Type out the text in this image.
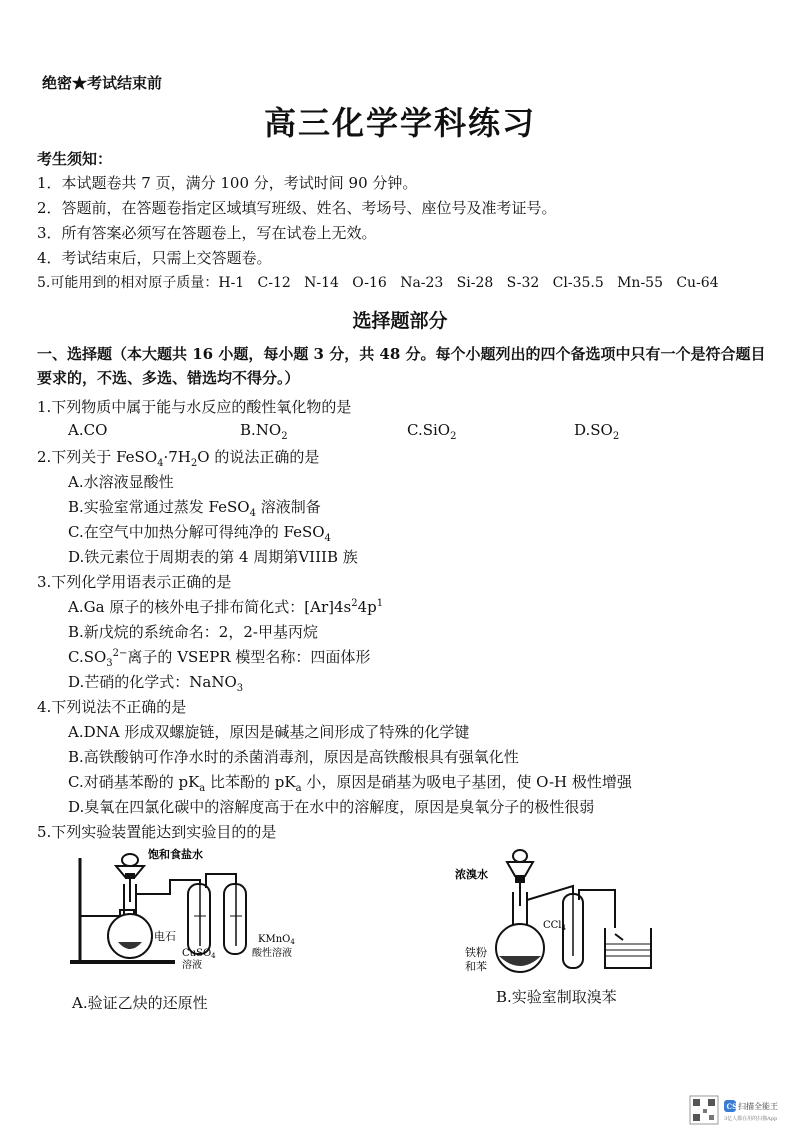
绝密★考试结束前
高三化学学科练习
考生须知：
1．本试题卷共 7 页，满分 100 分，考试时间 90 分钟。
2．答题前，在答题卷指定区域填写班级、姓名、考场号、座位号及准考证号。
3．所有答案必须写在答题卷上，写在试卷上无效。
4．考试结束后，只需上交答题卷。
5.可能用到的相对原子质量：H-1   C-12   N-14   O-16   Na-23   Si-28   S-32   Cl-35.5   Mn-55   Cu-64
选择题部分
一、选择题（本大题共 16 小题，每小题 3 分，共 48 分。每个小题列出的四个备选项中只有一个是符合题目要求的，不选、多选、错选均不得分。）
1.下列物质中属于能与水反应的酸性氧化物的是
A.CO	$B.NO_2$	C.SiO$_2$	$D.SO_2$
2.下列关于 $FeSO_4\cdot 7H_2O$ 的说法正确的是
A.水溶液显酸性
B.实验室常通过蒸发 FeSO$_4$ 溶液制备
C.在空气中加热分解可得纯净的 FeSO$_4$
D.铁元素位于周期表的第 4 周期第VIIIB 族
3.下列化学用语表示正确的是
A.Ga 原子的核外电子排布简化式：$[Ar]4s^24p^1$
B.新戊烷的系统命名：2，2-甲基丙烷
$C.SO_3^{2-}$离子的 VSEPR 模型名称：四面体形
D.芒硝的化学式：NaNO$_3$
4.下列说法不正确的是
A.DNA 形成双螺旋链，原因是碱基之间形成了特殊的化学键
B.高铁酸钠可作净水时的杀菌消毒剂，原因是高铁酸根具有强氧化性
C.对硝基苯酚的 $pK_a$ 比苯酚的 $pK_a$ 小，原因是硝基为吸电子基团，使 O-H 极性增强
D.臭氧在四氯化碳中的溶解度高于在水中的溶解度，原因是臭氧分子的极性很弱
5.下列实验装置能达到实验目的的是
饱和食盐水
电石
CuSO$_4$
溶液
KMnO$_4$
酸性溶液
A.验证乙炔的还原性
浓溴水
CCl$_4$
铁粉
和苯
B.实验室制取溴苯
CS 扫描全能王
3亿人都在用的扫描App
